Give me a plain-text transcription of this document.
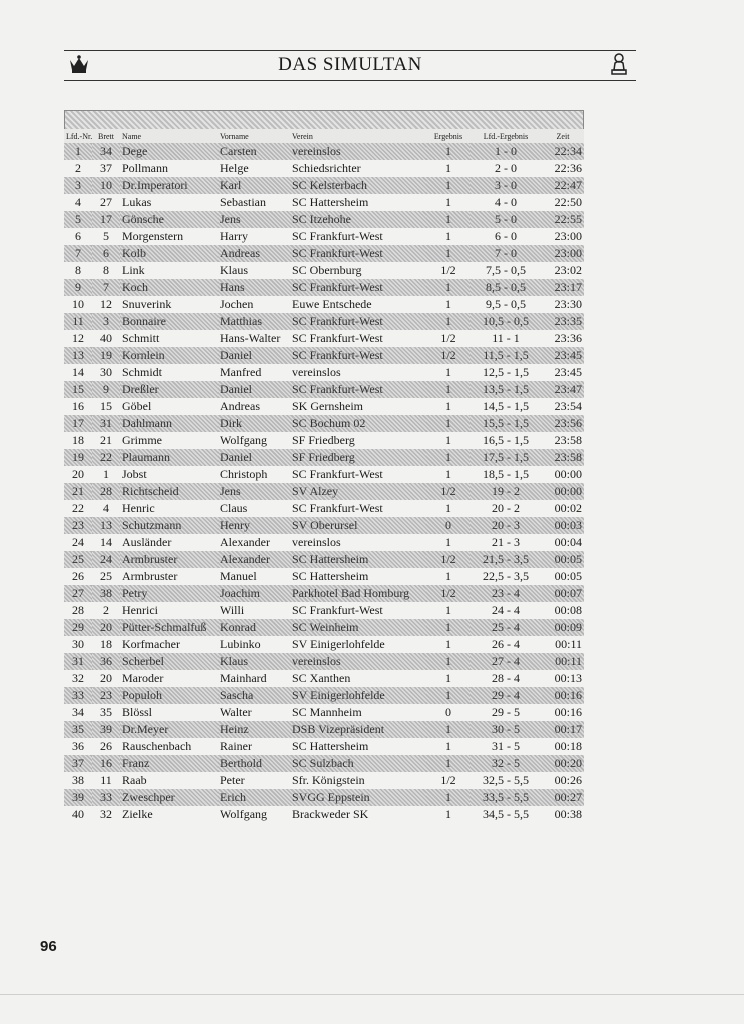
DAS SIMULTAN
Lfd.-Nr.	Brett	Name	Vorname	Verein	Ergebnis	Lfd.-Ergebnis	Zeit
1	34	Dege	Carsten	vereinslos	1	1 - 0	22:34
2	37	Pollmann	Helge	Schiedsrichter	1	2 - 0	22:36
3	10	Dr.Imperatori	Karl	SC Kelsterbach	1	3 - 0	22:47
4	27	Lukas	Sebastian	SC Hattersheim	1	4 - 0	22:50
5	17	Gönsche	Jens	SC Itzehohe	1	5 - 0	22:55
6	5	Morgenstern	Harry	SC Frankfurt-West	1	6 - 0	23:00
7	6	Kolb	Andreas	SC Frankfurt-West	1	7 - 0	23:00
8	8	Link	Klaus	SC Obernburg	1/2	7,5 - 0,5	23:02
9	7	Koch	Hans	SC Frankfurt-West	1	8,5 - 0,5	23:17
10	12	Snuverink	Jochen	Euwe Entschede	1	9,5 - 0,5	23:30
11	3	Bonnaire	Matthias	SC Frankfurt-West	1	10,5 - 0,5	23:35
12	40	Schmitt	Hans-Walter	SC Frankfurt-West	1/2	11 - 1	23:36
13	19	Kornlein	Daniel	SC Frankfurt-West	1/2	11,5 - 1,5	23:45
14	30	Schmidt	Manfred	vereinslos	1	12,5 - 1,5	23:45
15	9	Dreßler	Daniel	SC Frankfurt-West	1	13,5 - 1,5	23:47
16	15	Göbel	Andreas	SK Gernsheim	1	14,5 - 1,5	23:54
17	31	Dahlmann	Dirk	SC Bochum 02	1	15,5 - 1,5	23:56
18	21	Grimme	Wolfgang	SF Friedberg	1	16,5 - 1,5	23:58
19	22	Plaumann	Daniel	SF Friedberg	1	17,5 - 1,5	23:58
20	1	Jobst	Christoph	SC Frankfurt-West	1	18,5 - 1,5	00:00
21	28	Richtscheid	Jens	SV Alzey	1/2	19 - 2	00:00
22	4	Henric	Claus	SC Frankfurt-West	1	20 - 2	00:02
23	13	Schutzmann	Henry	SV Oberursel	0	20 - 3	00:03
24	14	Ausländer	Alexander	vereinslos	1	21 - 3	00:04
25	24	Armbruster	Alexander	SC Hattersheim	1/2	21,5 - 3,5	00:05
26	25	Armbruster	Manuel	SC Hattersheim	1	22,5 - 3,5	00:05
27	38	Petry	Joachim	Parkhotel Bad Homburg	1/2	23 - 4	00:07
28	2	Henrici	Willi	SC Frankfurt-West	1	24 - 4	00:08
29	20	Pütter-Schmalfuß	Konrad	SC Weinheim	1	25 - 4	00:09
30	18	Korfmacher	Lubinko	SV Einigerlohfelde	1	26 - 4	00:11
31	36	Scherbel	Klaus	vereinslos	1	27 - 4	00:11
32	20	Maroder	Mainhard	SC Xanthen	1	28 - 4	00:13
33	23	Populoh	Sascha	SV Einigerlohfelde	1	29 - 4	00:16
34	35	Blössl	Walter	SC Mannheim	0	29 - 5	00:16
35	39	Dr.Meyer	Heinz	DSB Vizepräsident	1	30 - 5	00:17
36	26	Rauschenbach	Rainer	SC Hattersheim	1	31 - 5	00:18
37	16	Franz	Berthold	SC Sulzbach	1	32 - 5	00:20
38	11	Raab	Peter	Sfr. Königstein	1/2	32,5 - 5,5	00:26
39	33	Zweschper	Erich	SVGG Eppstein	1	33,5 - 5,5	00:27
40	32	Zielke	Wolfgang	Brackweder SK	1	34,5 - 5,5	00:38
96
